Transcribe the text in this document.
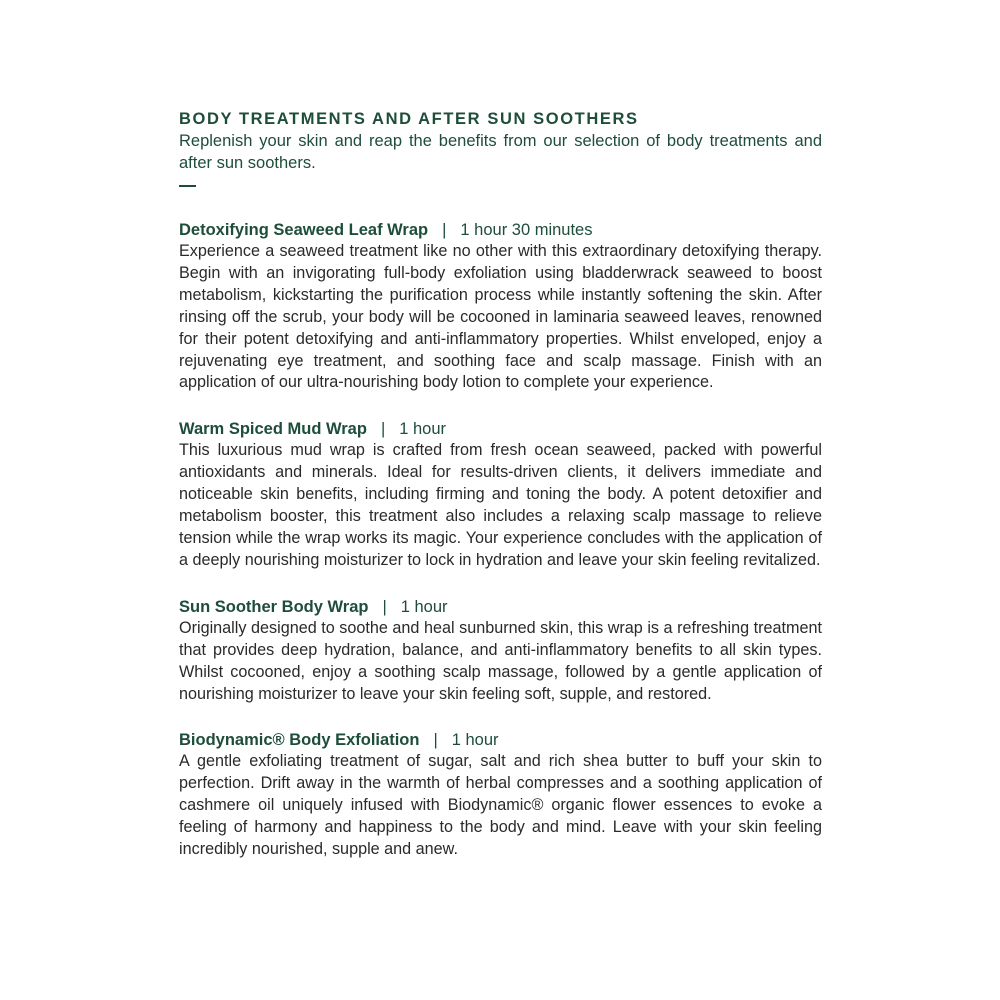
BODY TREATMENTS AND AFTER SUN SOOTHERS

Replenish your skin and reap the benefits from our selection of body treatments and after sun soothers.

Detoxifying Seaweed Leaf Wrap | 1 hour 30 minutes

Experience a seaweed treatment like no other with this extraordinary detoxifying therapy. Begin with an invigorating full-body exfoliation using bladderwrack seaweed to boost metabolism, kickstarting the purification process while instantly softening the skin. After rinsing off the scrub, your body will be cocooned in laminaria seaweed leaves, renowned for their potent detoxifying and anti-inflammatory properties. Whilst enveloped, enjoy a rejuvenating eye treatment, and soothing face and scalp massage. Finish with an application of our ultra-nourishing body lotion to complete your experience.

Warm Spiced Mud Wrap | 1 hour

This luxurious mud wrap is crafted from fresh ocean seaweed, packed with powerful antioxidants and minerals. Ideal for results-driven clients, it delivers immediate and noticeable skin benefits, including firming and toning the body. A potent detoxifier and metabolism booster, this treatment also includes a relaxing scalp massage to relieve tension while the wrap works its magic. Your experience concludes with the application of a deeply nourishing moisturizer to lock in hydration and leave your skin feeling revitalized.

Sun Soother Body Wrap | 1 hour

Originally designed to soothe and heal sunburned skin, this wrap is a refreshing treatment that provides deep hydration, balance, and anti-inflammatory benefits to all skin types. Whilst cocooned, enjoy a soothing scalp massage, followed by a gentle application of nourishing moisturizer to leave your skin feeling soft, supple, and restored.

Biodynamic® Body Exfoliation | 1 hour

A gentle exfoliating treatment of sugar, salt and rich shea butter to buff your skin to perfection. Drift away in the warmth of herbal compresses and a soothing application of cashmere oil uniquely infused with Biodynamic® organic flower essences to evoke a feeling of harmony and happiness to the body and mind. Leave with your skin feeling incredibly nourished, supple and anew.
